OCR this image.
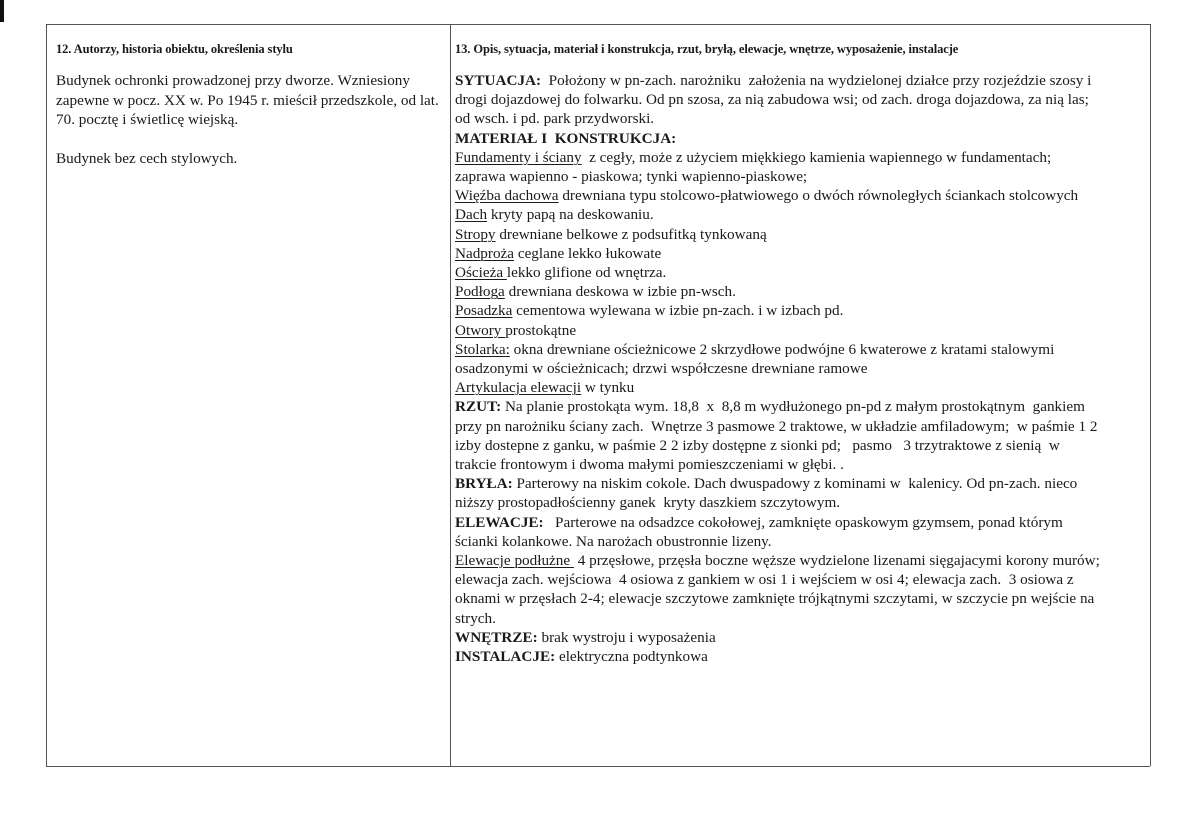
12. Autorzy, historia obiektu, określenia stylu

Budynek ochronki prowadzonej przy dworze. Wzniesiony zapewne w pocz. XX w. Po 1945 r. mieścił przedszkole, od lat. 70. pocztę i świetlicę wiejską.

Budynek bez cech stylowych.

13. Opis, sytuacja, materiał i konstrukcja, rzut, bryłą, elewacje, wnętrze, wyposażenie, instalacje
SYTUACJA:  Położony w pn-zach. narożniku  założenia na wydzielonej działce przy rozjeździe szosy i
drogi dojazdowej do folwarku. Od pn szosa, za nią zabudowa wsi; od zach. droga dojazdowa, za nią las;
od wsch. i pd. park przydworski.
MATERIAŁ I  KONSTRUKCJA:
Fundamenty i ściany  z cegły, może z użyciem miękkiego kamienia wapiennego w fundamentach;
zaprawa wapienno - piaskowa; tynki wapienno-piaskowe;
Więźba dachowa drewniana typu stolcowo-płatwiowego o dwóch równoległych ściankach stolcowych
Dach kryty papą na deskowaniu.
Stropy drewniane belkowe z podsufitką tynkowaną
Nadproża ceglane lekko łukowate
Ościeża lekko glifione od wnętrza.
Podłoga drewniana deskowa w izbie pn-wsch.
Posadzka cementowa wylewana w izbie pn-zach. i w izbach pd.
Otwory prostokątne
Stolarka: okna drewniane ościeżnicowe 2 skrzydłowe podwójne 6 kwaterowe z kratami stalowymi
osadzonymi w ościeżnicach; drzwi współczesne drewniane ramowe
Artykulacja elewacji w tynku
RZUT: Na planie prostokąta wym. 18,8  x  8,8 m wydłużonego pn-pd z małym prostokątnym  gankiem
przy pn narożniku ściany zach.  Wnętrze 3 pasmowe 2 traktowe, w układzie amfiladowym;  w paśmie 1 2
izby dostepne z ganku, w paśmie 2 2 izby dostępne z sionki pd;   pasmo   3 trzytraktowe z sienią  w
trakcie frontowym i dwoma małymi pomieszczeniami w głębi. .
BRYŁA: Parterowy na niskim cokole. Dach dwuspadowy z kominami w  kalenicy. Od pn-zach. nieco
niższy prostopadłościenny ganek  kryty daszkiem szczytowym.
ELEWACJE:   Parterowe na odsadzce cokołowej, zamknięte opaskowym gzymsem, ponad którym
ścianki kolankowe. Na narożach obustronnie lizeny.
Elewacje podłużne  4 przęsłowe, przęsła boczne węższe wydzielone lizenami sięgajacymi korony murów;
elewacja zach. wejściowa  4 osiowa z gankiem w osi 1 i wejściem w osi 4; elewacja zach.  3 osiowa z
oknami w przęsłach 2-4; elewacje szczytowe zamknięte trójkątnymi szczytami, w szczycie pn wejście na
strych.
WNĘTRZE: brak wystroju i wyposażenia
INSTALACJE: elektryczna podtynkowa
